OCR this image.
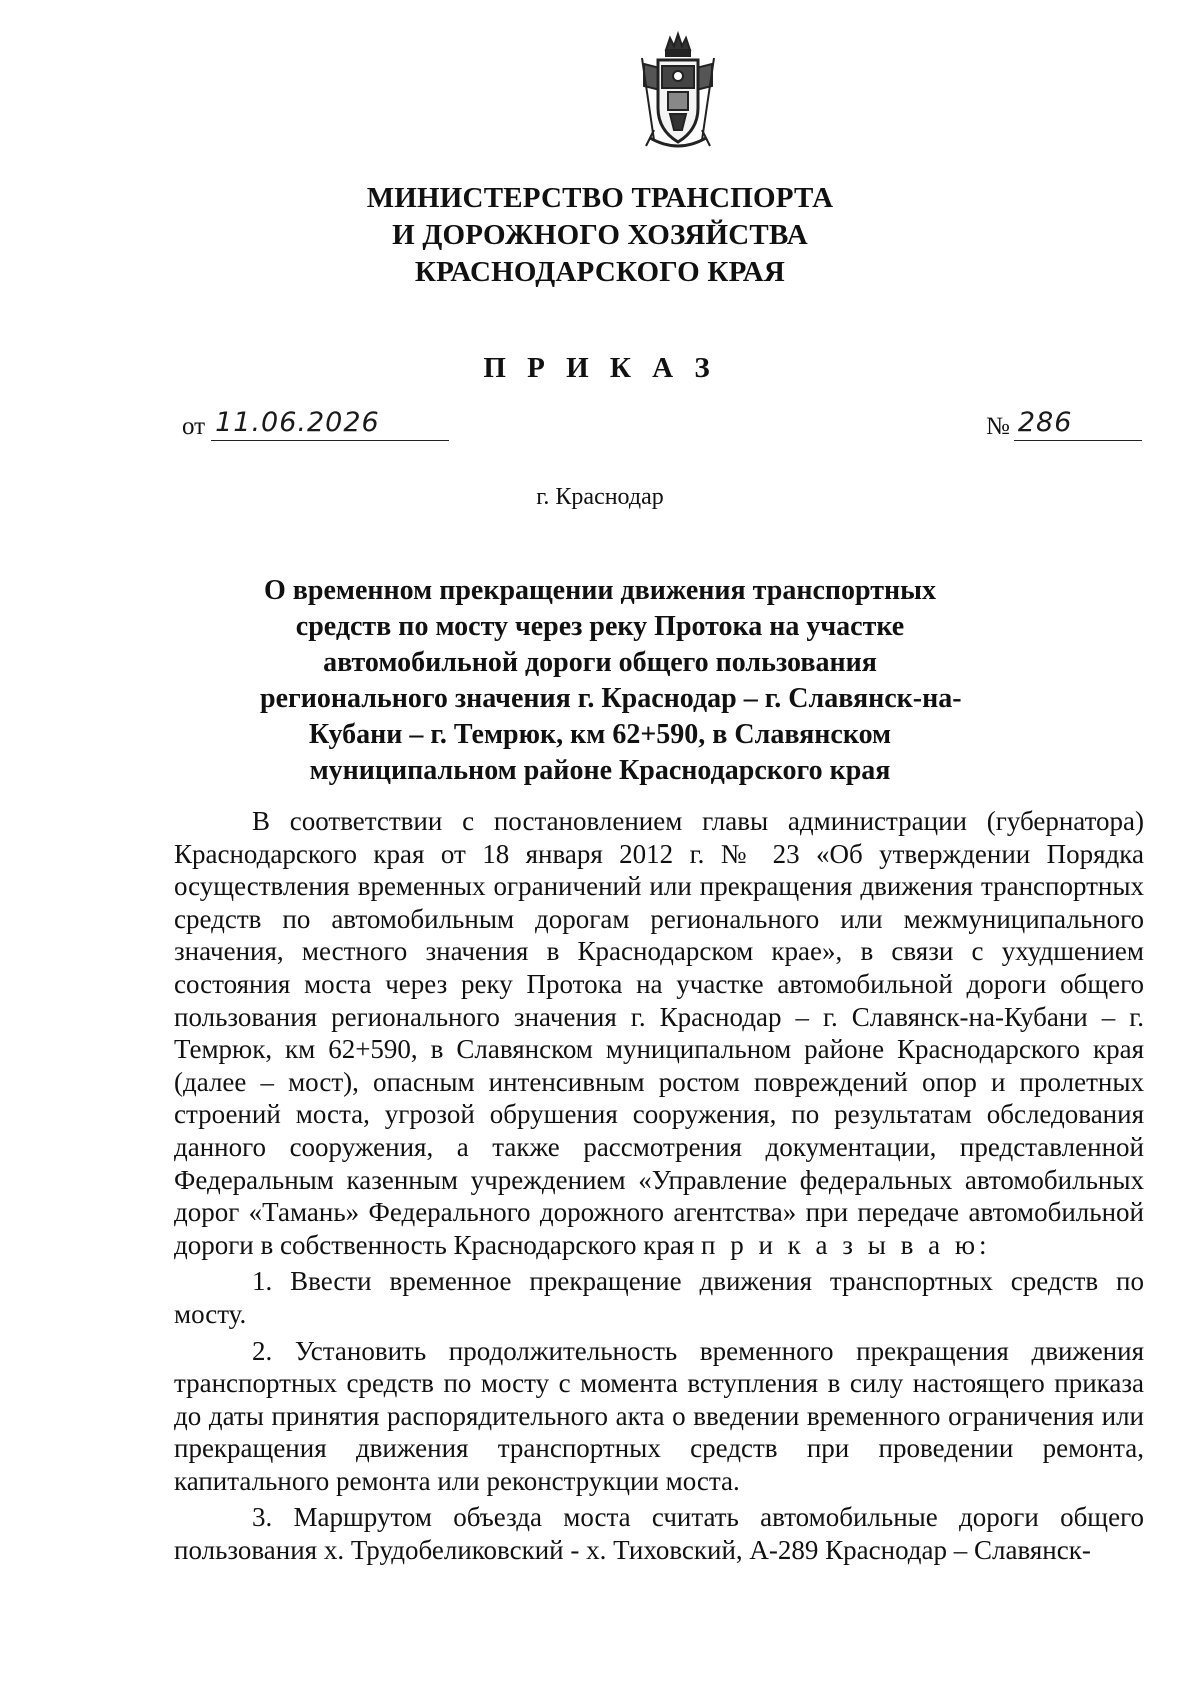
МИНИСТЕРСТВО ТРАНСПОРТА
И ДОРОЖНОГО ХОЗЯЙСТВА
КРАСНОДАРСКОГО КРАЯ
П Р И К А З
от 11.06.2026	№ 286
г. Краснодар
О временном прекращении движения транспортных
средств по мосту через реку Протока на участке
автомобильной дороги общего пользования
регионального значения г. Краснодар – г. Славянск-на-
Кубани – г. Темрюк, км 62+590, в Славянском
муниципальном районе Краснодарского края

В соответствии с постановлением главы администрации (губернатора) Краснодарского края от 18 января 2012 г. № 23 «Об утверждении Порядка осуществления временных ограничений или прекращения движения транспортных средств по автомобильным дорогам регионального или межмуниципального значения, местного значения в Краснодарском крае», в связи с ухудшением состояния моста через реку Протока на участке автомобильной дороги общего пользования регионального значения г. Краснодар – г. Славянск-на-Кубани – г. Темрюк, км 62+590, в Славянском муниципальном районе Краснодарского края (далее – мост), опасным интенсивным ростом повреждений опор и пролетных строений моста, угрозой обрушения сооружения, по результатам обследования данного сооружения, а также рассмотрения документации, представленной Федеральным казенным учреждением «Управление федеральных автомобильных дорог «Тамань» Федерального дорожного агентства» при передаче автомобильной дороги в собственность Краснодарского края п р и к а з ы в а ю:

1. Ввести временное прекращение движения транспортных средств по мосту.

2. Установить продолжительность временного прекращения движения транспортных средств по мосту с момента вступления в силу настоящего приказа до даты принятия распорядительного акта о введении временного ограничения или прекращения движения транспортных средств при проведении ремонта, капитального ремонта или реконструкции моста.

3. Маршрутом объезда моста считать автомобильные дороги общего пользования х. Трудобеликовский - х. Тиховский, А-289 Краснодар – Славянск-
